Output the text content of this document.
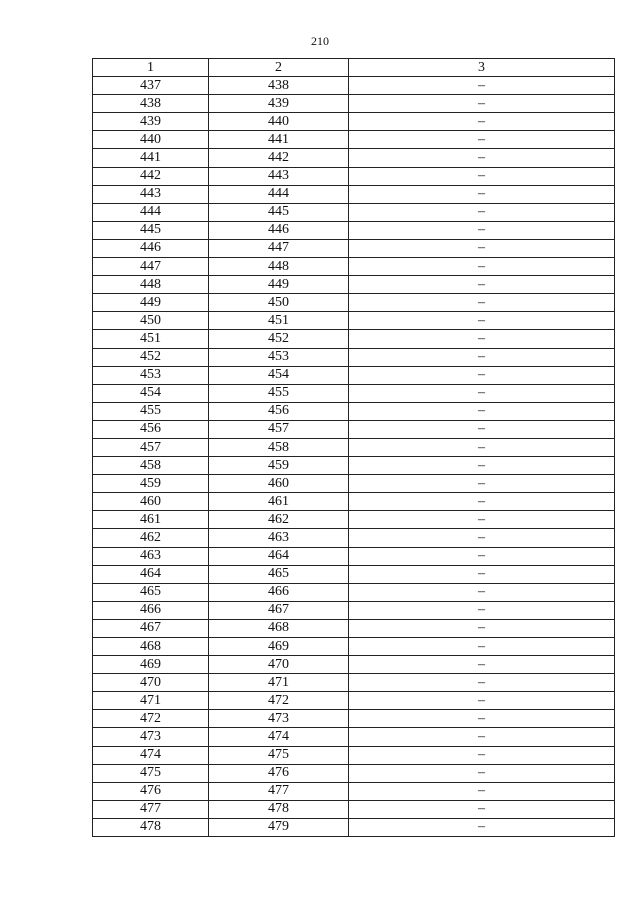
210
1	2	3
437	438	–
438	439	–
439	440	–
440	441	–
441	442	–
442	443	–
443	444	–
444	445	–
445	446	–
446	447	–
447	448	–
448	449	–
449	450	–
450	451	–
451	452	–
452	453	–
453	454	–
454	455	–
455	456	–
456	457	–
457	458	–
458	459	–
459	460	–
460	461	–
461	462	–
462	463	–
463	464	–
464	465	–
465	466	–
466	467	–
467	468	–
468	469	–
469	470	–
470	471	–
471	472	–
472	473	–
473	474	–
474	475	–
475	476	–
476	477	–
477	478	–
478	479	–
